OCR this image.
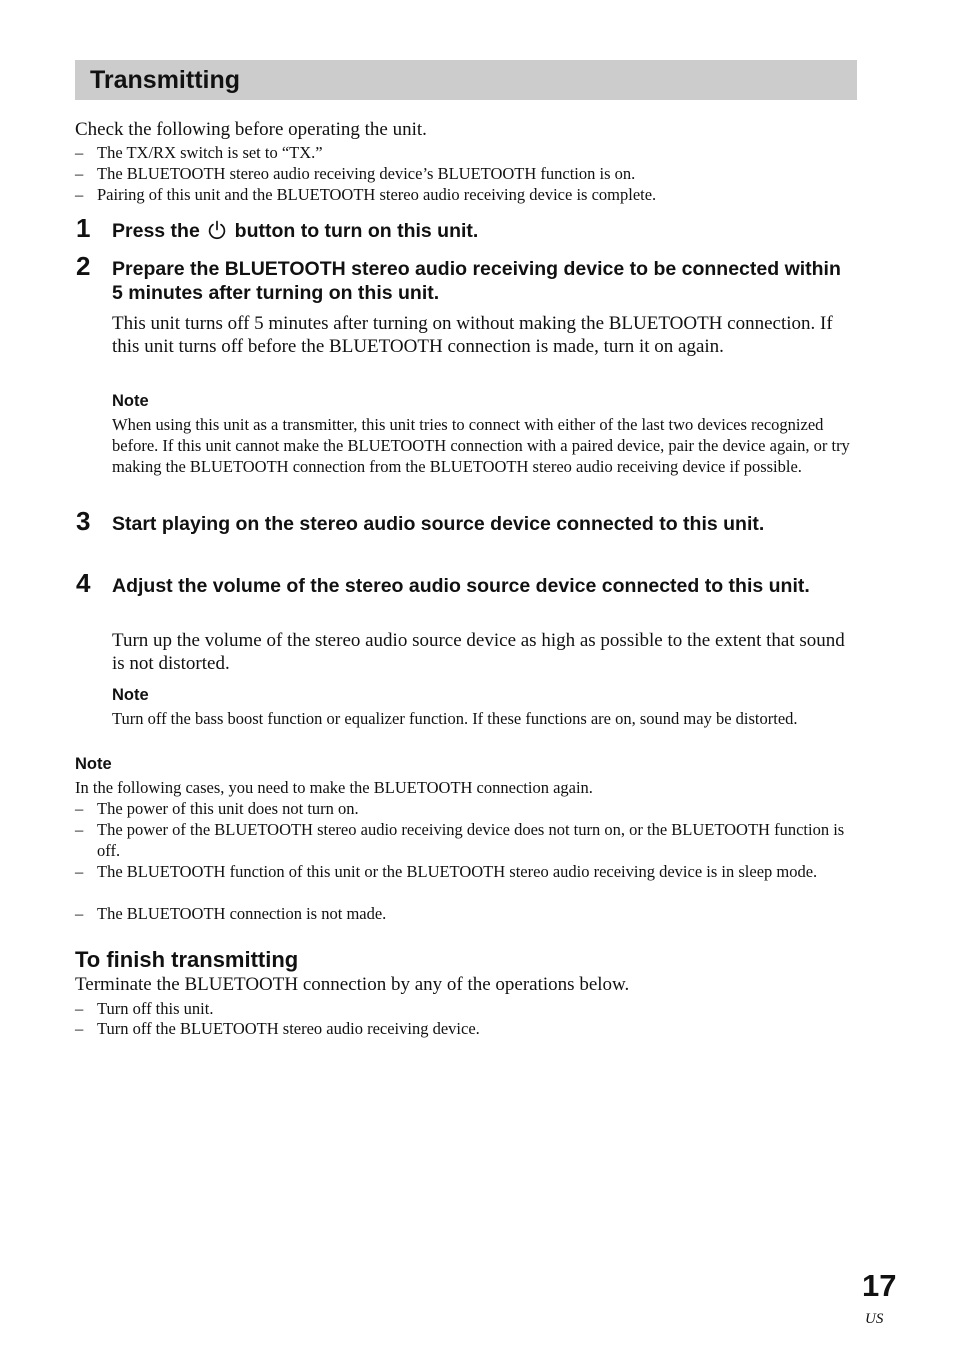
Transmitting
Check the following before operating the unit.
– The TX/RX switch is set to “TX.”
– The BLUETOOTH stereo audio receiving device’s BLUETOOTH function is on.
– Pairing of this unit and the BLUETOOTH stereo audio receiving device is complete.
1 Press the button to turn on this unit.
2 Prepare the BLUETOOTH stereo audio receiving device to be connected within 5 minutes after turning on this unit.
This unit turns off 5 minutes after turning on without making the BLUETOOTH connection. If this unit turns off before the BLUETOOTH connection is made, turn it on again.
Note
When using this unit as a transmitter, this unit tries to connect with either of the last two devices recognized before. If this unit cannot make the BLUETOOTH connection with a paired device, pair the device again, or try making the BLUETOOTH connection from the BLUETOOTH stereo audio receiving device if possible.
3 Start playing on the stereo audio source device connected to this unit.
4 Adjust the volume of the stereo audio source device connected to this unit.
Turn up the volume of the stereo audio source device as high as possible to the extent that sound is not distorted.
Note
Turn off the bass boost function or equalizer function. If these functions are on, sound may be distorted.
Note
In the following cases, you need to make the BLUETOOTH connection again.
– The power of this unit does not turn on.
– The power of the BLUETOOTH stereo audio receiving device does not turn on, or the BLUETOOTH function is off.
– The BLUETOOTH function of this unit or the BLUETOOTH stereo audio receiving device is in sleep mode.
– The BLUETOOTH connection is not made.
To finish transmitting
Terminate the BLUETOOTH connection by any of the operations below.
– Turn off this unit.
– Turn off the BLUETOOTH stereo audio receiving device.
17
US
